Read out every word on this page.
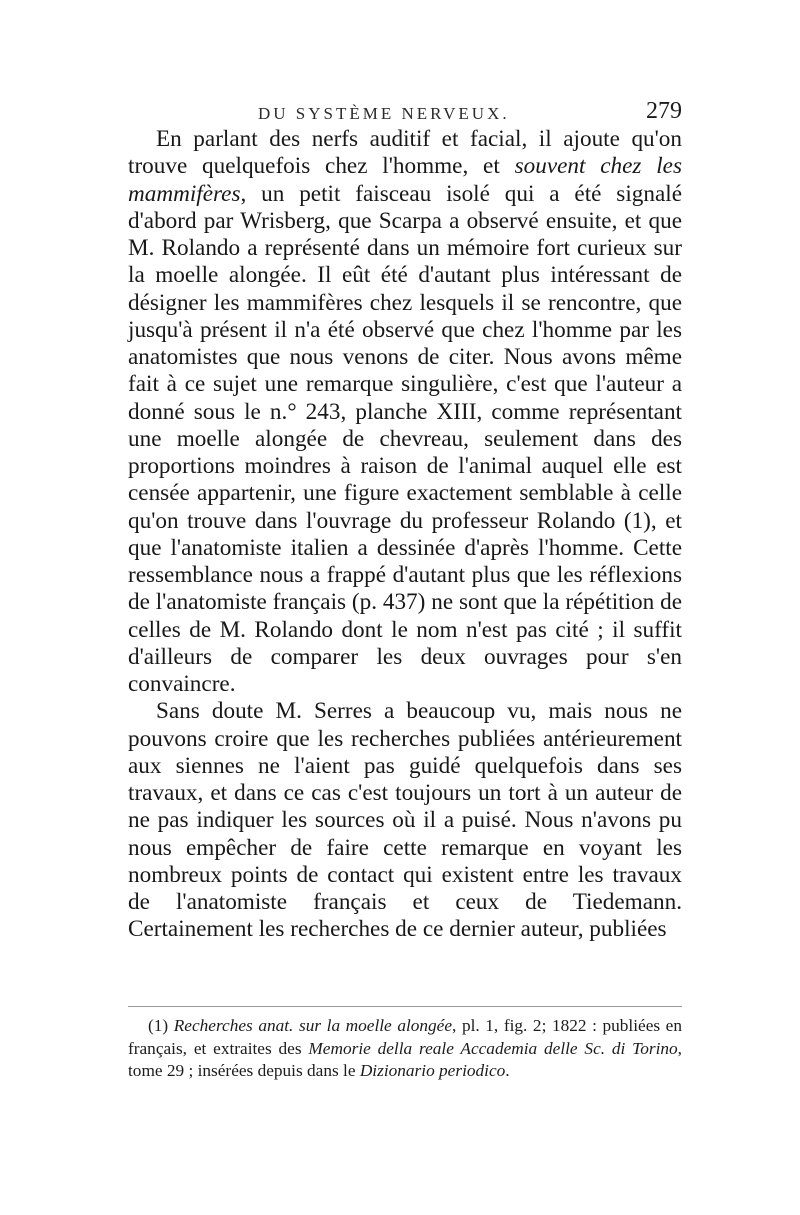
DU SYSTÈME NERVEUX.	279

En parlant des nerfs auditif et facial, il ajoute qu'on trouve quelquefois chez l'homme, et souvent chez les mammifères, un petit faisceau isolé qui a été signalé d'abord par Wrisberg, que Scarpa a observé ensuite, et que M. Rolando a représenté dans un mémoire fort curieux sur la moelle alongée. Il eût été d'autant plus intéressant de désigner les mammifères chez lesquels il se rencontre, que jusqu'à présent il n'a été observé que chez l'homme par les anatomistes que nous venons de citer. Nous avons même fait à ce sujet une remarque singulière, c'est que l'auteur a donné sous le n.° 243, planche XIII, comme représentant une moelle alongée de chevreau, seulement dans des proportions moindres à raison de l'animal auquel elle est censée appartenir, une figure exactement semblable à celle qu'on trouve dans l'ouvrage du professeur Rolando (1), et que l'anatomiste italien a dessinée d'après l'homme. Cette ressemblance nous a frappé d'autant plus que les réflexions de l'anatomiste français (p. 437) ne sont que la répétition de celles de M. Rolando dont le nom n'est pas cité ; il suffit d'ailleurs de comparer les deux ouvrages pour s'en convaincre.

Sans doute M. Serres a beaucoup vu, mais nous ne pouvons croire que les recherches publiées antérieurement aux siennes ne l'aient pas guidé quelquefois dans ses travaux, et dans ce cas c'est toujours un tort à un auteur de ne pas indiquer les sources où il a puisé. Nous n'avons pu nous empêcher de faire cette remarque en voyant les nombreux points de contact qui existent entre les travaux de l'anatomiste français et ceux de Tiedemann. Certainement les recherches de ce dernier auteur, publiées

(1) Recherches anat. sur la moelle alongée, pl. 1, fig. 2; 1822 : publiées en français, et extraites des Memorie della reale Accademia delle Sc. di Torino, tome 29 ; insérées depuis dans le Dizionario periodico.
